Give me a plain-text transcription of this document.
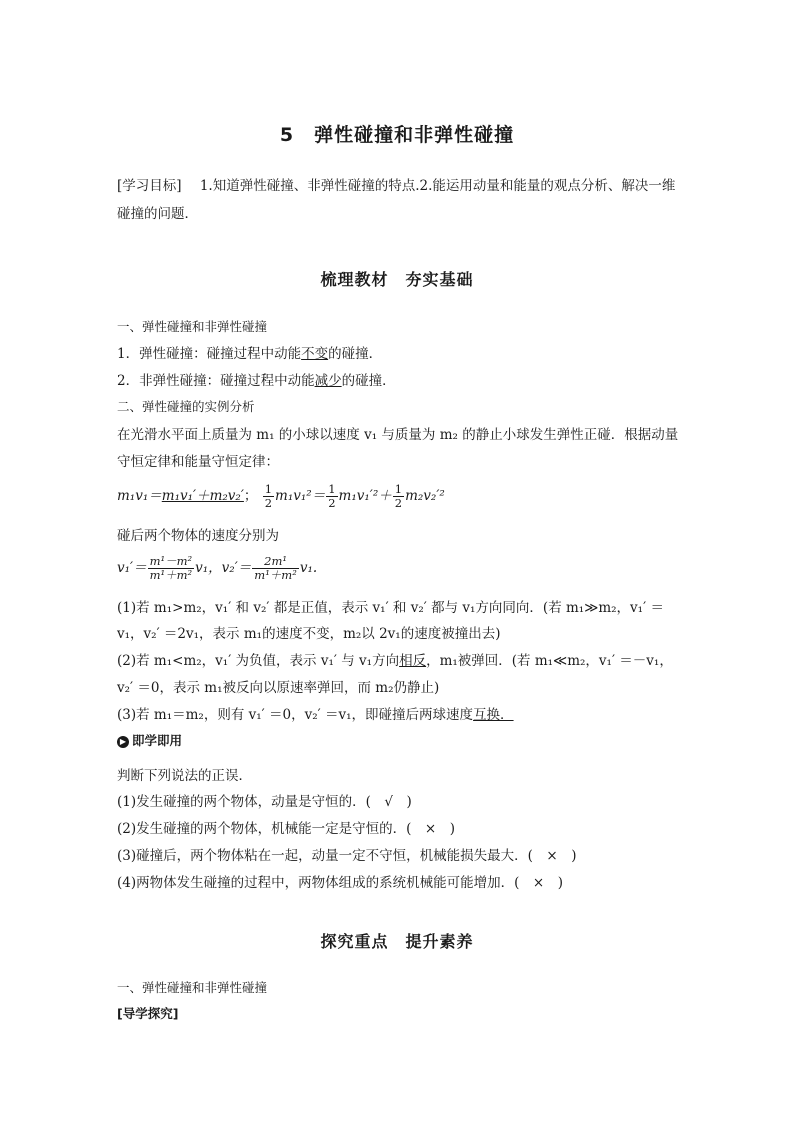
5　弹性碰撞和非弹性碰撞
[学习目标] 1.知道弹性碰撞、非弹性碰撞的特点.2.能运用动量和能量的观点分析、解决一维碰撞的问题．
梳理教材　夯实基础
一、弹性碰撞和非弹性碰撞
1．弹性碰撞：碰撞过程中动能不变的碰撞．
2．非弹性碰撞：碰撞过程中动能减少的碰撞．
二、弹性碰撞的实例分析
在光滑水平面上质量为 m₁ 的小球以速度 v₁ 与质量为 m₂ 的静止小球发生弹性正碰．根据动量
守恒定律和能量守恒定律：
m₁v₁＝m₁v₁′＋m₂v₂′； $\frac{1}{2} m_1v_1^2= \frac{1}{2} m_1v_1'^2+ \frac{1}{2} m_2v_2'^2$
碰后两个物体的速度分别为
$v_1'= \frac{\text{m¹－m²}}{\text{m¹＋m²}} v_1$，$v_2'= \frac{\text{2m¹}}{\text{m¹＋m²}} v_1$.
(1)若 m₁>m₂，v₁′ 和 v₂′ 都是正值，表示 v₁′ 和 v₂′ 都与 v₁方向同向．(若 m₁≫m₂，v₁′ ＝
v₁，v₂′ ＝2v₁，表示 m₁的速度不变，m₂以 2v₁的速度被撞出去)
(2)若 m₁<m₂，v₁′ 为负值，表示 v₁′ 与 v₁方向相反，m₁被弹回．(若 m₁≪m₂，v₁′ ＝－v₁，
v₂′ ＝0，表示 m₁被反向以原速率弹回，而 m₂仍静止)
(3)若 m₁＝m₂，则有 v₁′ ＝0，v₂′ ＝v₁，即碰撞后两球速度互换．
▶ 即学即用
判断下列说法的正误．
(1)发生碰撞的两个物体，动量是守恒的．(　√　)
(2)发生碰撞的两个物体，机械能一定是守恒的．(　×　)
(3)碰撞后，两个物体粘在一起，动量一定不守恒，机械能损失最大．(　×　)
(4)两物体发生碰撞的过程中，两物体组成的系统机械能可能增加．(　×　)
探究重点　提升素养
一、弹性碰撞和非弹性碰撞
[导学探究]
